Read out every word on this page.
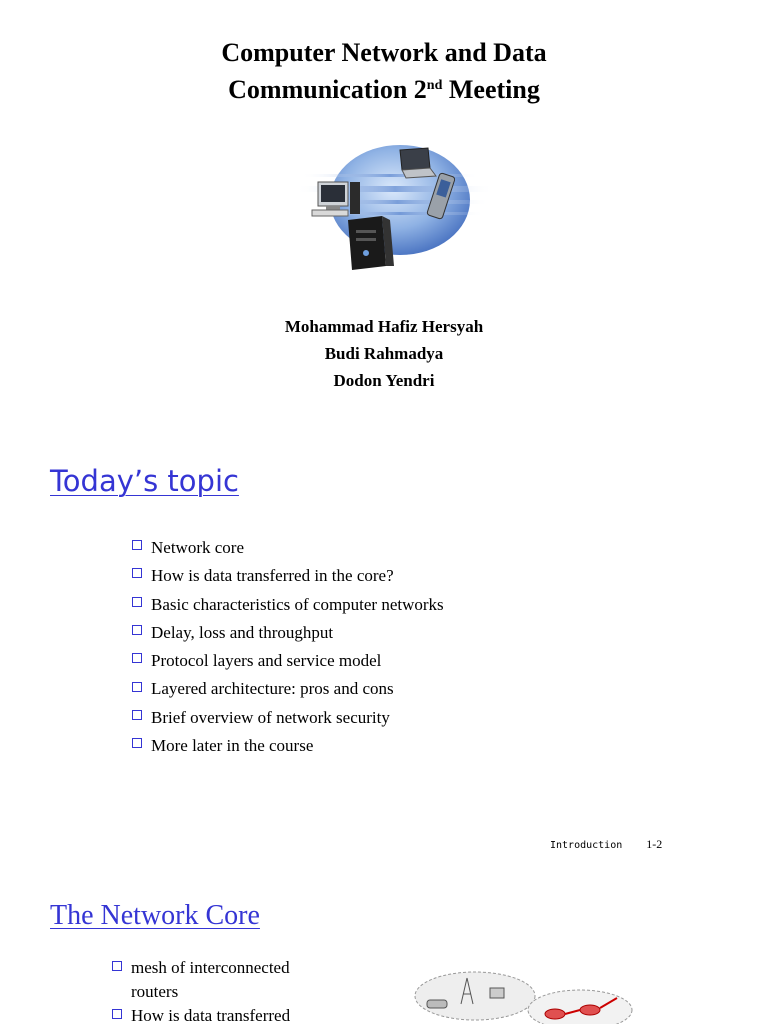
Computer Network and Data
Communication 2nd Meeting
Mohammad Hafiz Hersyah
Budi Rahmadya
Dodon Yendri
Today’s topic
Network core
How is data transferred in the core?
Basic characteristics of computer networks
Delay, loss and throughput
Protocol layers and service model
Layered architecture: pros and cons
Brief overview of network security
More later in the course
Introduction 1-2
The Network Core
mesh of interconnected routers
How is data transferred
